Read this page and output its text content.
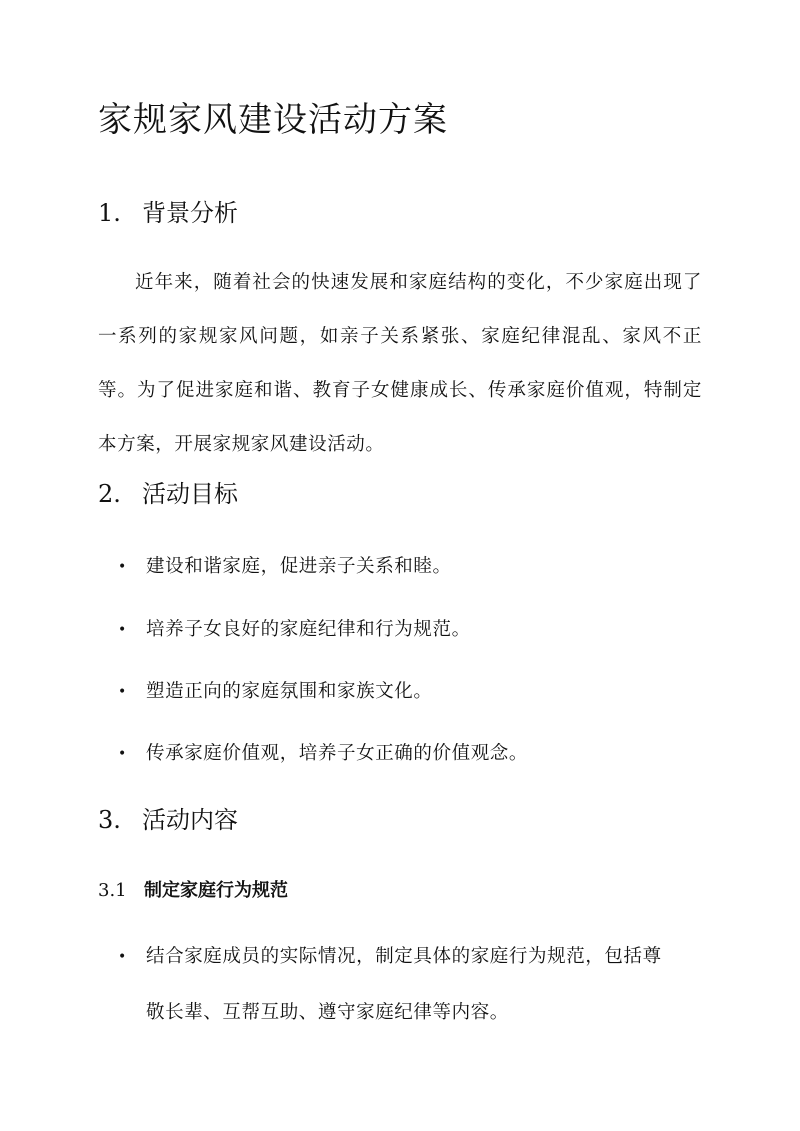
家规家风建设活动方案
1. 背景分析

近年来，随着社会的快速发展和家庭结构的变化，不少家庭出现了一系列的家规家风问题，如亲子关系紧张、家庭纪律混乱、家风不正等。为了促进家庭和谐、教育子女健康成长、传承家庭价值观，特制定本方案，开展家规家风建设活动。

2. 活动目标
• 建设和谐家庭，促进亲子关系和睦。
• 培养子女良好的家庭纪律和行为规范。
• 塑造正向的家庭氛围和家族文化。
• 传承家庭价值观，培养子女正确的价值观念。
3. 活动内容
3.1 制定家庭行为规范
• 结合家庭成员的实际情况，制定具体的家庭行为规范，包括尊敬长辈、互帮互助、遵守家庭纪律等内容。
